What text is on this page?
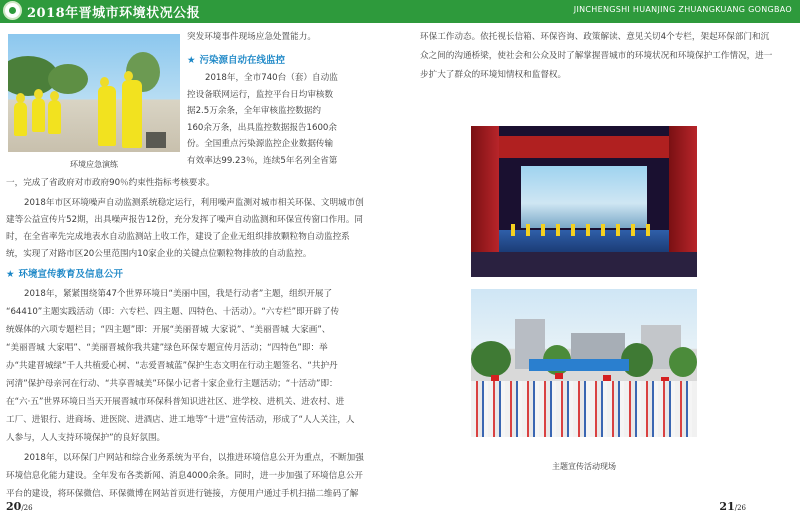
2018年晋城市环境状况公报	JINCHENGSHI HUANJING ZHUANGKUANG GONGBAO
环境应急演练
突发环境事件现场应急处置能力。
★ 污染源自动在线监控
2018年，全市740台（套）自动监
控设备联网运行，监控平台日均审核数
据2.5万余条，全年审核监控数据约
160余万条，出具监控数据报告1600余
份。全国重点污染源监控企业数据传输
有效率达99.23％，连续5年名列全省第
一，完成了省政府对市政府90％约束性指标考核要求。
2018年市区环境噪声自动监测系统稳定运行，利用噪声监测对城市相关环保、文明城市创
建等公益宣传片52期，出具噪声报告12份，充分发挥了噪声自动监测和环保宣传窗口作用。同
时，在全省率先完成地表水自动监测站上收工作，建设了企业无组织排放颗粒物自动监控系
统，实现了对路市区20公里范围内10家企业的关键点位颗粒物排放的自动监控。
★ 环境宣传教育及信息公开
2018年，紧紧围绕第47个世界环境日“美丽中国，我是行动者”主题，组织开展了
“64410”主题实践活动（即：六专栏、四主题、四特色、十活动）。“六专栏”即开辟了传
统媒体的六项专题栏目；“四主题”即：开展“美丽晋城 大家说”、“美丽晋城 大家画”、
“美丽晋城 大家唱”、“美丽晋城你我共建”绿色环保专题宣传月活动；“四特色”即：举
办“共建晋城绿”千人共植爱心树、“志爱晋城蓝”保护生态文明在行动主题签名、“共护丹
河清”保护母亲河在行动、“共享晋城美”环保小记者十家企业行主题活动；“十活动”即：
在“六·五”世界环境日当天开展晋城市环保科普知识进社区、进学校、进机关、进农村、进
工厂、进银行、进商场、进医院、进酒店、进工地等“十进”宣传活动，形成了“人人关注，人
人参与，人人支持环境保护”的良好氛围。
2018年，以环保门户网站和综合业务系统为平台，以推进环境信息公开为重点，不断加强
环境信息化能力建设。全年发布各类新闻、消息4000余条。同时，进一步加强了环境信息公开
平台的建设，将环保微信、环保微博在网站首页进行链接，方便用户通过手机扫描二维码了解
20/26
环保工作动态。依托视长信箱、环保咨询、政策解读、意见关切4个专栏，架起环保部门和沉
众之间的沟通桥梁，使社会和公众及时了解掌握晋城市的环境状况和环境保护工作情况，进一
步扩大了群众的环境知情权和监督权。
主题宣传活动现场
21/26
